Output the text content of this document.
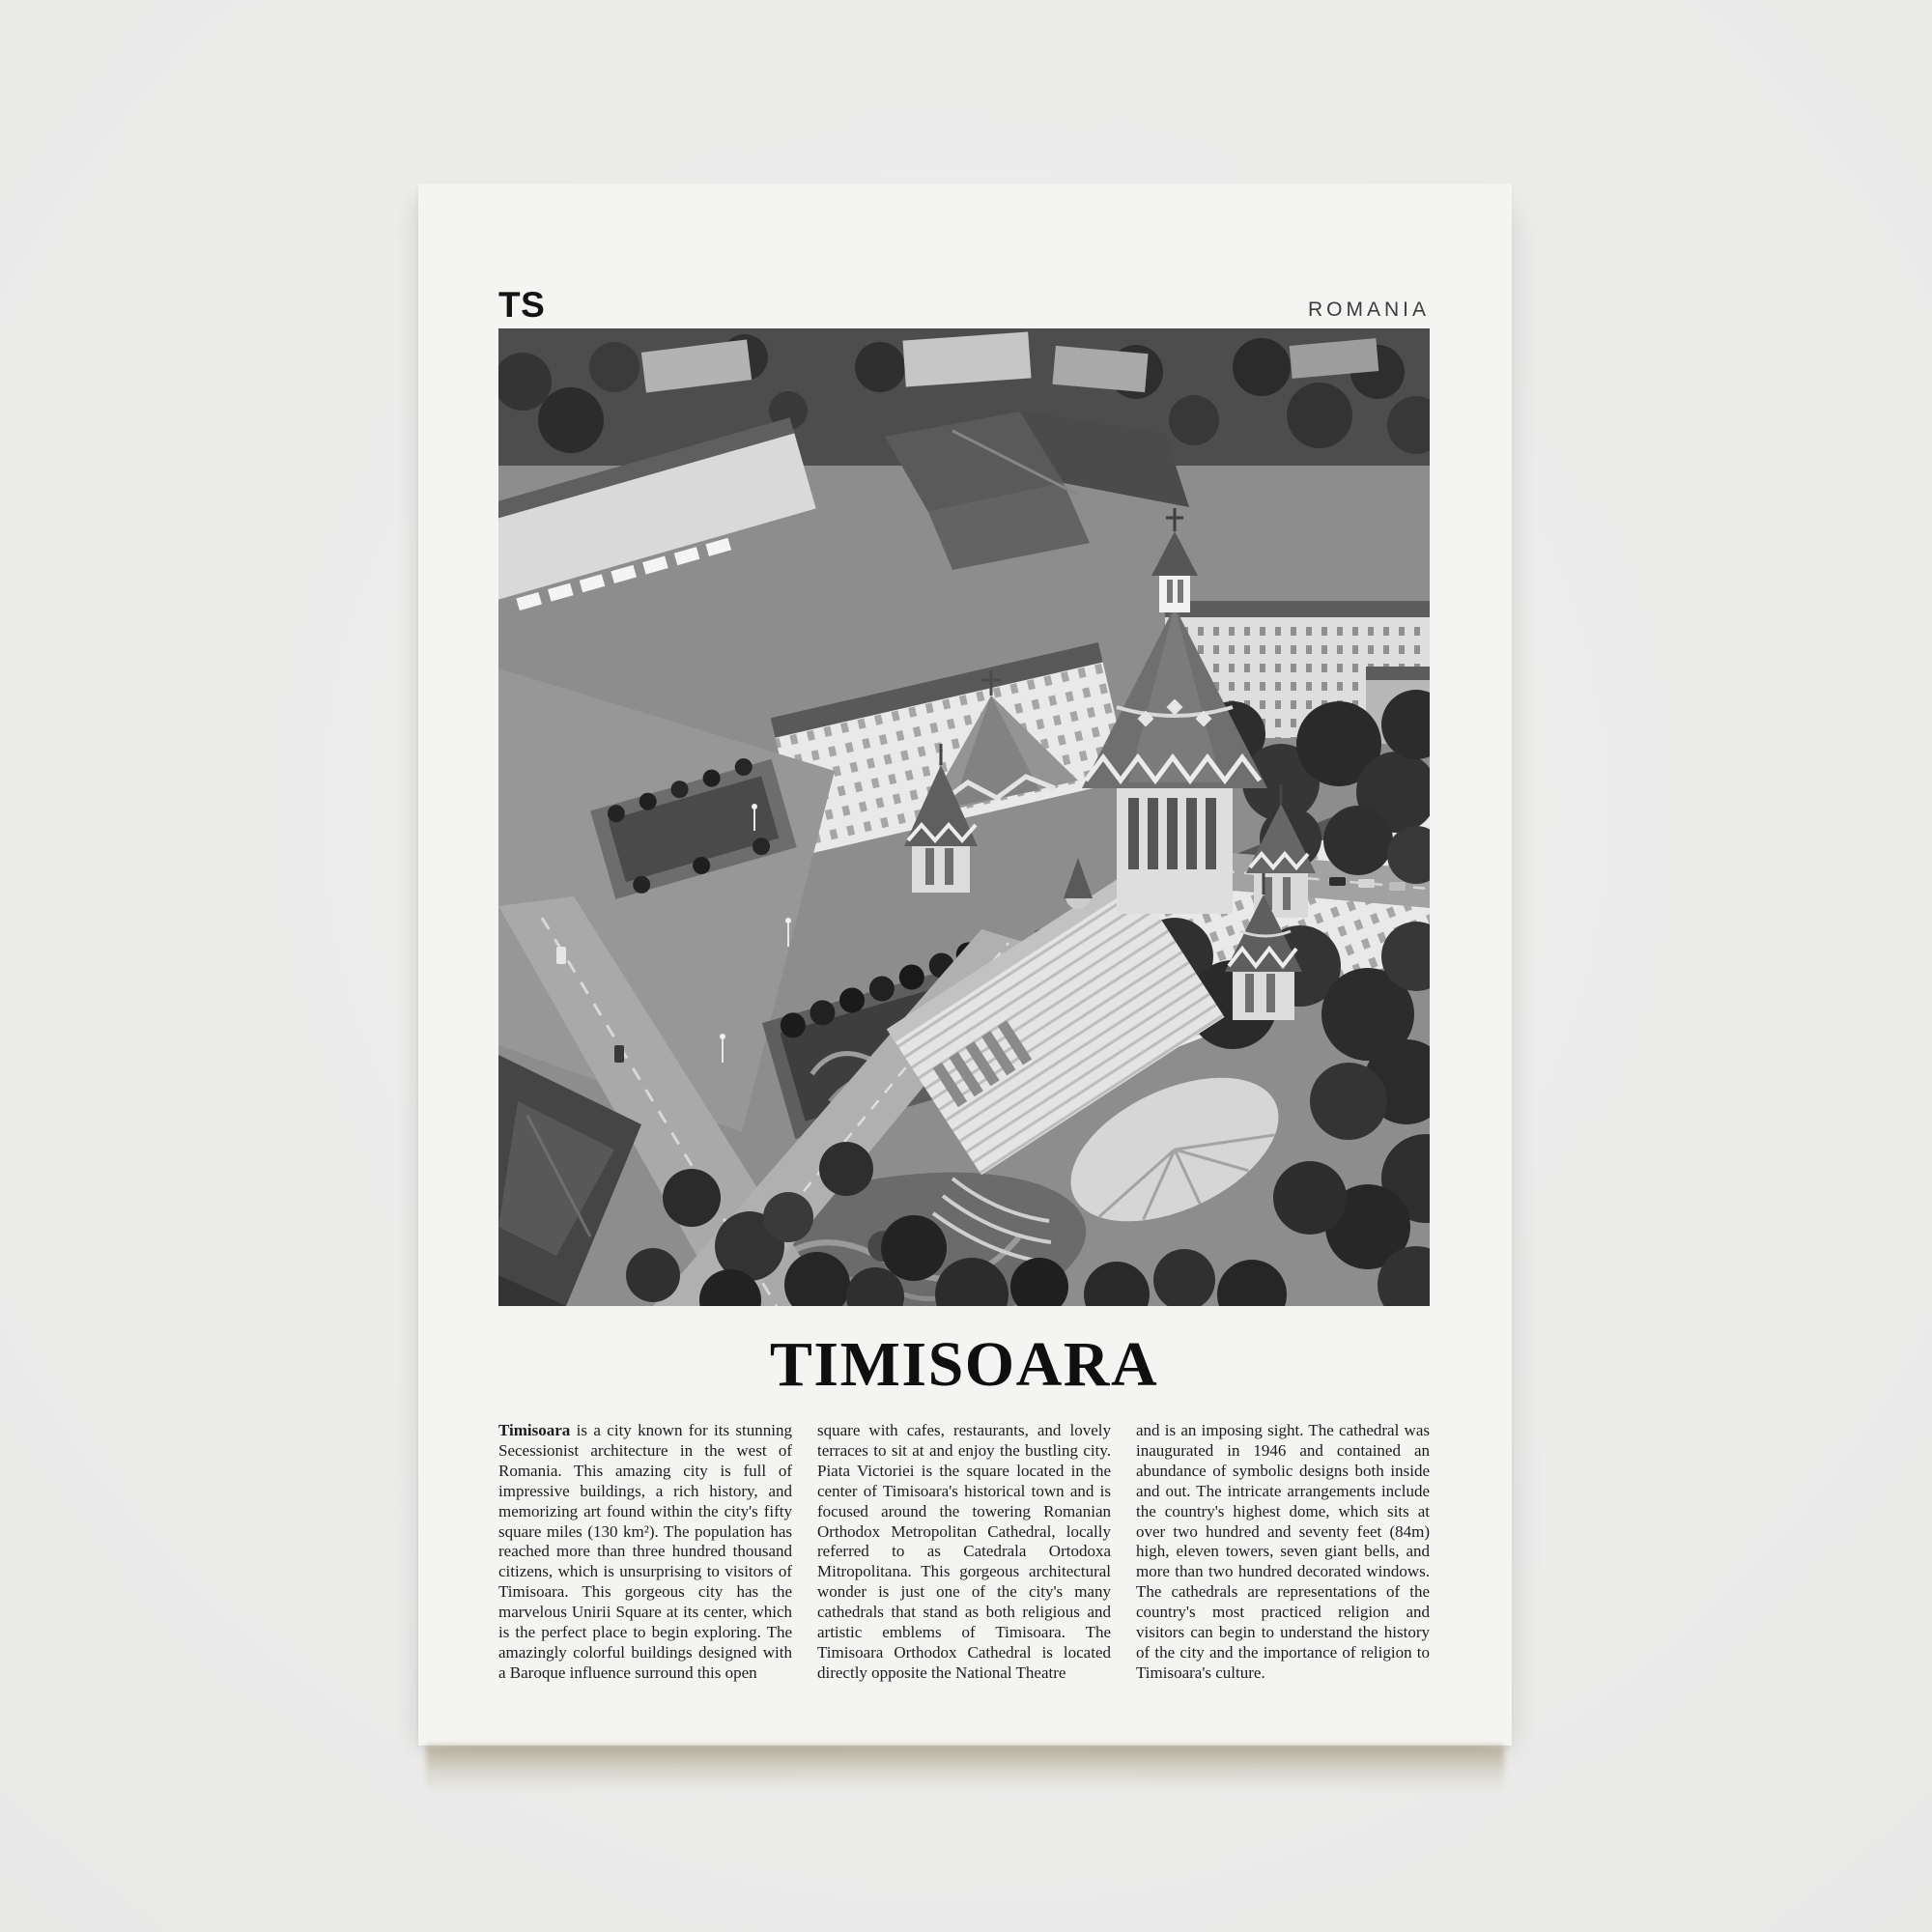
TS	ROMANIA
TIMISOARA

Timisoara is a city known for its stunning Secessionist architecture in the west of Romania. This amazing city is full of impressive buildings, a rich history, and memorizing art found within the city's fifty square miles (130 km²). The population has reached more than three hundred thousand citizens, which is unsurprising to visitors of Timisoara. This gorgeous city has the marvelous Unirii Square at its center, which is the perfect place to begin exploring. The amazingly colorful buildings designed with a Baroque influence surround this open

square with cafes, restaurants, and lovely terraces to sit at and enjoy the bustling city. Piata Victoriei is the square located in the center of Timisoara's historical town and is focused around the towering Romanian Orthodox Metropolitan Cathedral, locally referred to as Catedrala Ortodoxa Mitropolitana. This gorgeous architectural wonder is just one of the city's many cathedrals that stand as both religious and artistic emblems of Timisoara. The Timisoara Orthodox Cathedral is located directly opposite the National Theatre

and is an imposing sight. The cathedral was inaugurated in 1946 and contained an abundance of symbolic designs both inside and out. The intricate arrangements include the country's highest dome, which sits at over two hundred and seventy feet (84m) high, eleven towers, seven giant bells, and more than two hundred decorated windows. The cathedrals are representations of the country's most practiced religion and visitors can begin to understand the history of the city and the importance of religion to Timisoara's culture.
